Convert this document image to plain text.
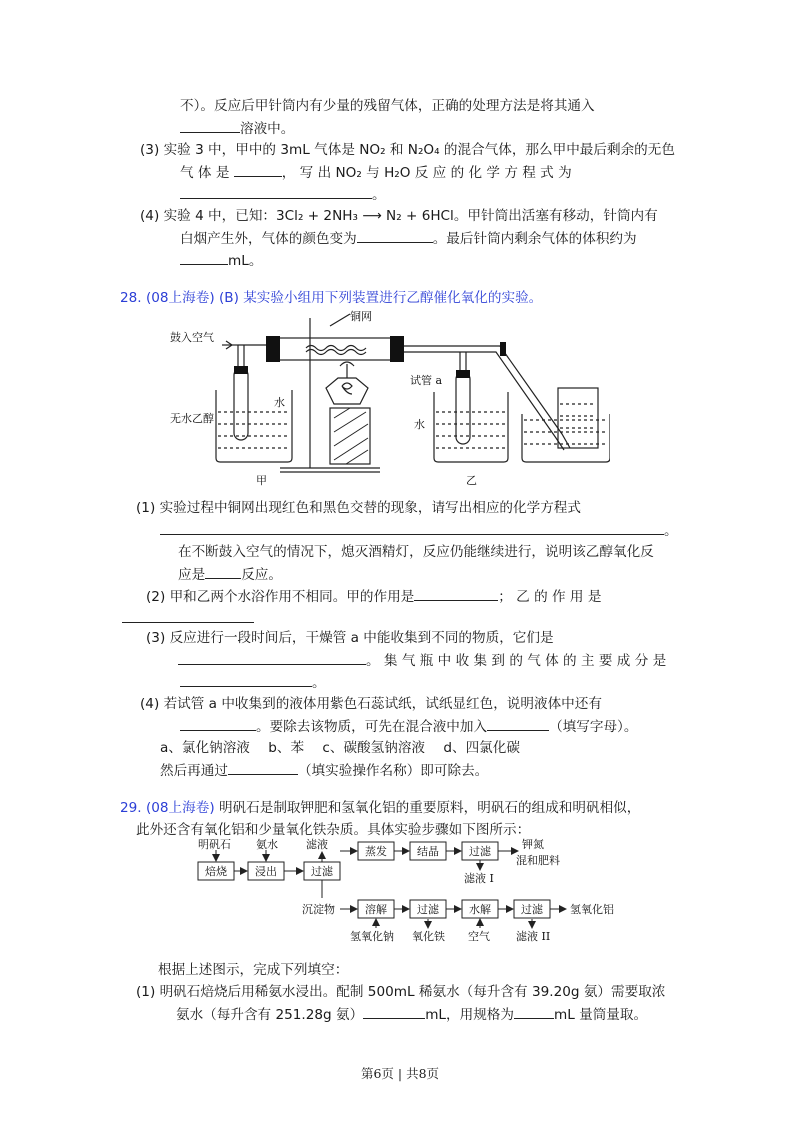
不）。反应后甲针筒内有少量的残留气体，正确的处理方法是将其通入
溶液中。
(3) 实验 3 中，甲中的 3mL 气体是 NO₂ 和 N₂O₄ 的混合气体，那么甲中最后剩余的无色
气 体 是	， 写 出 NO₂ 与 H₂O 反 应 的 化 学 方 程 式 为
。
(4) 实验 4 中，已知：3Cl₂ + 2NH₃ ⟶ N₂ + 6HCl。甲针筒出活塞有移动，针筒内有
白烟产生外，气体的颜色变为	。最后针筒内剩余气体的体积约为
mL。
28. (08上海卷) (B) 某实验小组用下列装置进行乙醇催化氧化的实验。
鼓入空气
铜网
无水乙醇
水
试管 a
水
甲	乙
(1) 实验过程中铜网出现红色和黑色交替的现象，请写出相应的化学方程式
。
在不断鼓入空气的情况下，熄灭酒精灯，反应仍能继续进行，说明该乙醇氧化反
应是	反应。
(2) 甲和乙两个水浴作用不相同。甲的作用是	； 乙 的 作 用 是
(3) 反应进行一段时间后，干燥管 a 中能收集到不同的物质，它们是
。 集 气 瓶 中 收 集 到 的 气 体 的 主 要 成 分 是
。
(4) 若试管 a 中收集到的液体用紫色石蕊试纸，试纸显红色，说明液体中还有
。要除去该物质，可先在混合液中加入	（填写字母）。
a、氯化钠溶液 b、苯 c、碳酸氢钠溶液 d、四氯化碳
然后再通过	（填实验操作名称）即可除去。
29. (08上海卷) 明矾石是制取钾肥和氢氧化铝的重要原料，明矾石的组成和明矾相似，
此外还含有氧化铝和少量氧化铁杂质。具体实验步骤如下图所示：
明矾石 氨水	滤液
蒸发	结晶	过滤
钾氮
混和肥料
滤液 I
焙烧	浸出	过滤
沉淀物	溶解	过滤	水解	过滤 氢氧化铝
氢氧化钠 氧化铁 空气 滤液 II
根据上述图示，完成下列填空：
(1) 明矾石焙烧后用稀氨水浸出。配制 500mL 稀氨水（每升含有 39.20g 氨）需要取浓
氨水（每升含有 251.28g 氨）	mL，用规格为	mL 量筒量取。
第6页 | 共8页
